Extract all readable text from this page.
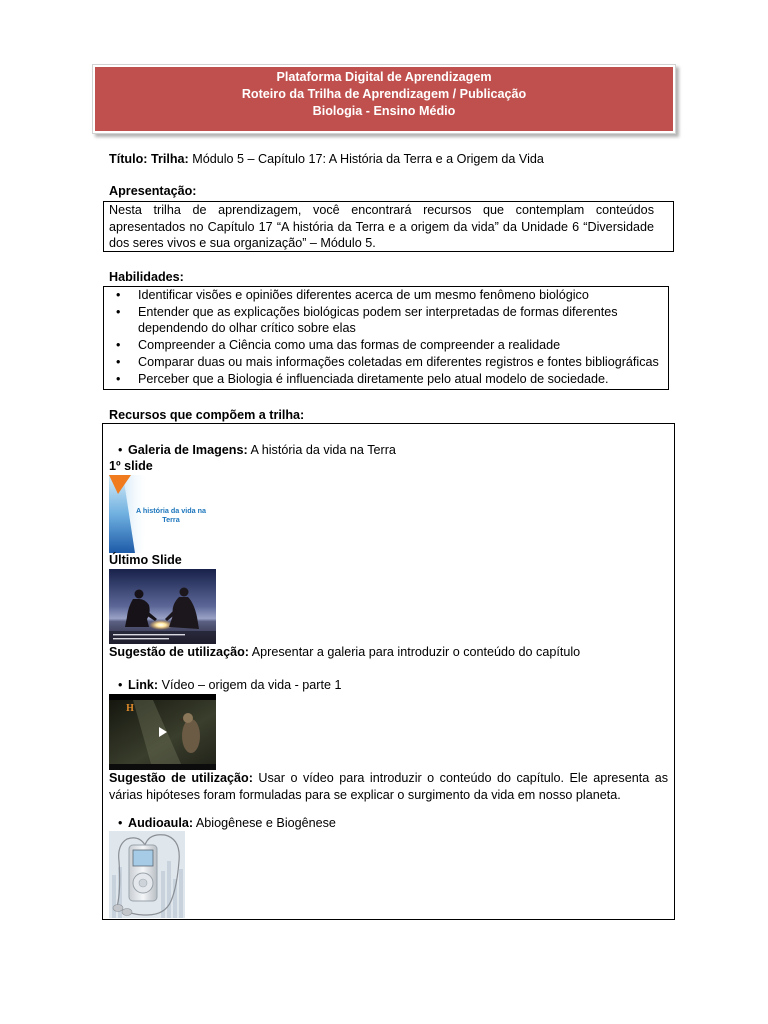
Plataforma Digital de Aprendizagem
Roteiro da Trilha de Aprendizagem / Publicação
Biologia - Ensino Médio
Título: Trilha: Módulo 5 – Capítulo 17: A História da Terra e a Origem da Vida
Apresentação:
Nesta trilha de aprendizagem, você encontrará recursos que contemplam conteúdos apresentados no Capítulo 17 “A história da Terra e a origem da vida” da Unidade 6 “Diversidade dos seres vivos e sua organização” – Módulo 5.
Habilidades:
• Identificar visões e opiniões diferentes acerca de um mesmo fenômeno biológico
• Entender que as explicações biológicas podem ser interpretadas de formas diferentes dependendo do olhar crítico sobre elas
• Compreender a Ciência como uma das formas de compreender a realidade
• Comparar duas ou mais informações coletadas em diferentes registros e fontes bibliográficas
• Perceber que a Biologia é influenciada diretamente pelo atual modelo de sociedade.
Recursos que compõem a trilha:
• Galeria de Imagens: A história da vida na Terra
1º slide
A história da vida na
Terra
Último Slide
Sugestão de utilização: Apresentar a galeria para introduzir o conteúdo do capítulo
• Link: Vídeo – origem da vida - parte 1
H
Sugestão de utilização: Usar o vídeo para introduzir o conteúdo do capítulo. Ele apresenta as várias hipóteses foram formuladas para se explicar o surgimento da vida em nosso planeta.
• Audioaula: Abiogênese e Biogênese
